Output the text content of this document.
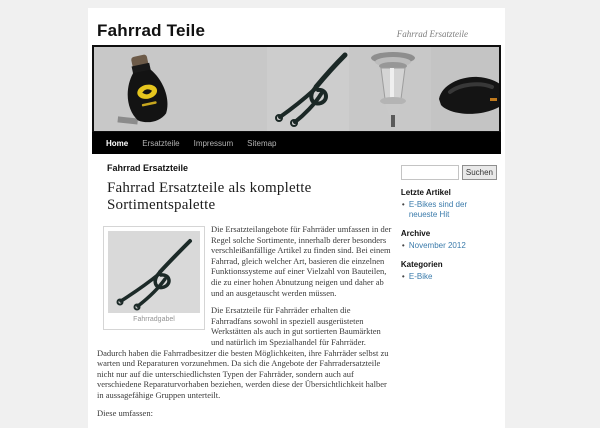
Fahrrad Teile	Fahrrad Ersatzteile
Home Ersatzteile Impressum Sitemap
Fahrrad Ersatzteile
Fahrrad Ersatzteile als komplette Sortimentspalette
Fahrradgabel

Die Ersatzteilangebote für Fahrräder umfassen in der Regel solche Sortimente, innerhalb derer besonders verschleißanfällige Artikel zu finden sind. Bei einem Fahrrad, gleich welcher Art, basieren die einzelnen Funktionssysteme auf einer Vielzahl von Bauteilen, die zu einer hohen Abnutzung neigen und daher ab und an ausgetauscht werden müssen.

Die Ersatzteile für Fahrräder erhalten die Fahrradfans sowohl in speziell ausgerüsteten Werkstätten als auch in gut sortierten Baumärkten und natürlich im Spezialhandel für Fahrräder. Dadurch haben die Fahrradbesitzer die besten Möglichkeiten, ihre Fahrräder selbst zu warten und Reparaturen vorzunehmen. Da sich die Angebote der Fahrradersatzteile nicht nur auf die unterschiedlichsten Typen der Fahrräder, sondern auch auf verschiedene Reparaturvorhaben beziehen, werden diese der Übersichtlichkeit halber in aussagefähige Gruppen unterteilt.

Diese umfassen:

Suchen
Letzte Artikel
• E-Bikes sind der neueste Hit
Archive
• November 2012
Kategorien
• E-Bike
